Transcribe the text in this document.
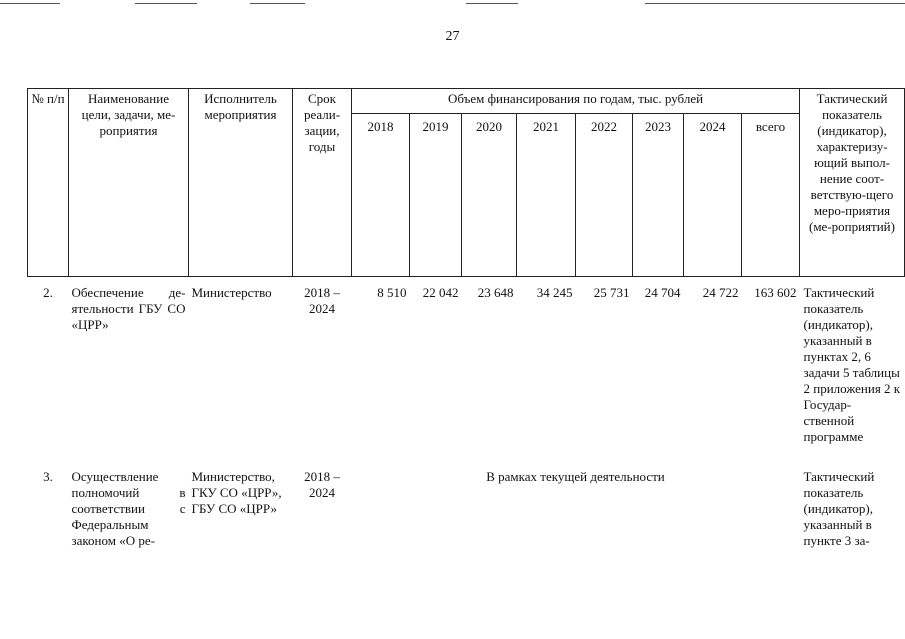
27
№ п/п	Наименование цели, задачи, ме-роприятия	Исполнитель мероприятия	Срок реали-зации, годы	Объем финансирования по годам, тыс. рублей								Тактический показатель (индикатор), характеризу-ющий выпол-нение соот-ветствую-щего меро-приятия (ме-роприятий)
				2018	2019	2020	2021	2022	2023	2024	всего	
2.	Обеспечение де-ятельности ГБУ СО «ЦРР»	Министерство	2018 – 2024	8 510	22 042	23 648	34 245	25 731	24 704	24 722	163 602	Тактический показатель (индикатор), указанный в пунктах 2, 6 задачи 5 таблицы 2 приложения 2 к Государ-ственной программе
3.	Осуществление полномочий в соответствии с Федеральным законом «О ре-	Министерство, ГКУ СО «ЦРР», ГБУ СО «ЦРР»	2018 – 2024	В рамках текущей деятельности								Тактический показатель (индикатор), указанный в пункте 3 за-
